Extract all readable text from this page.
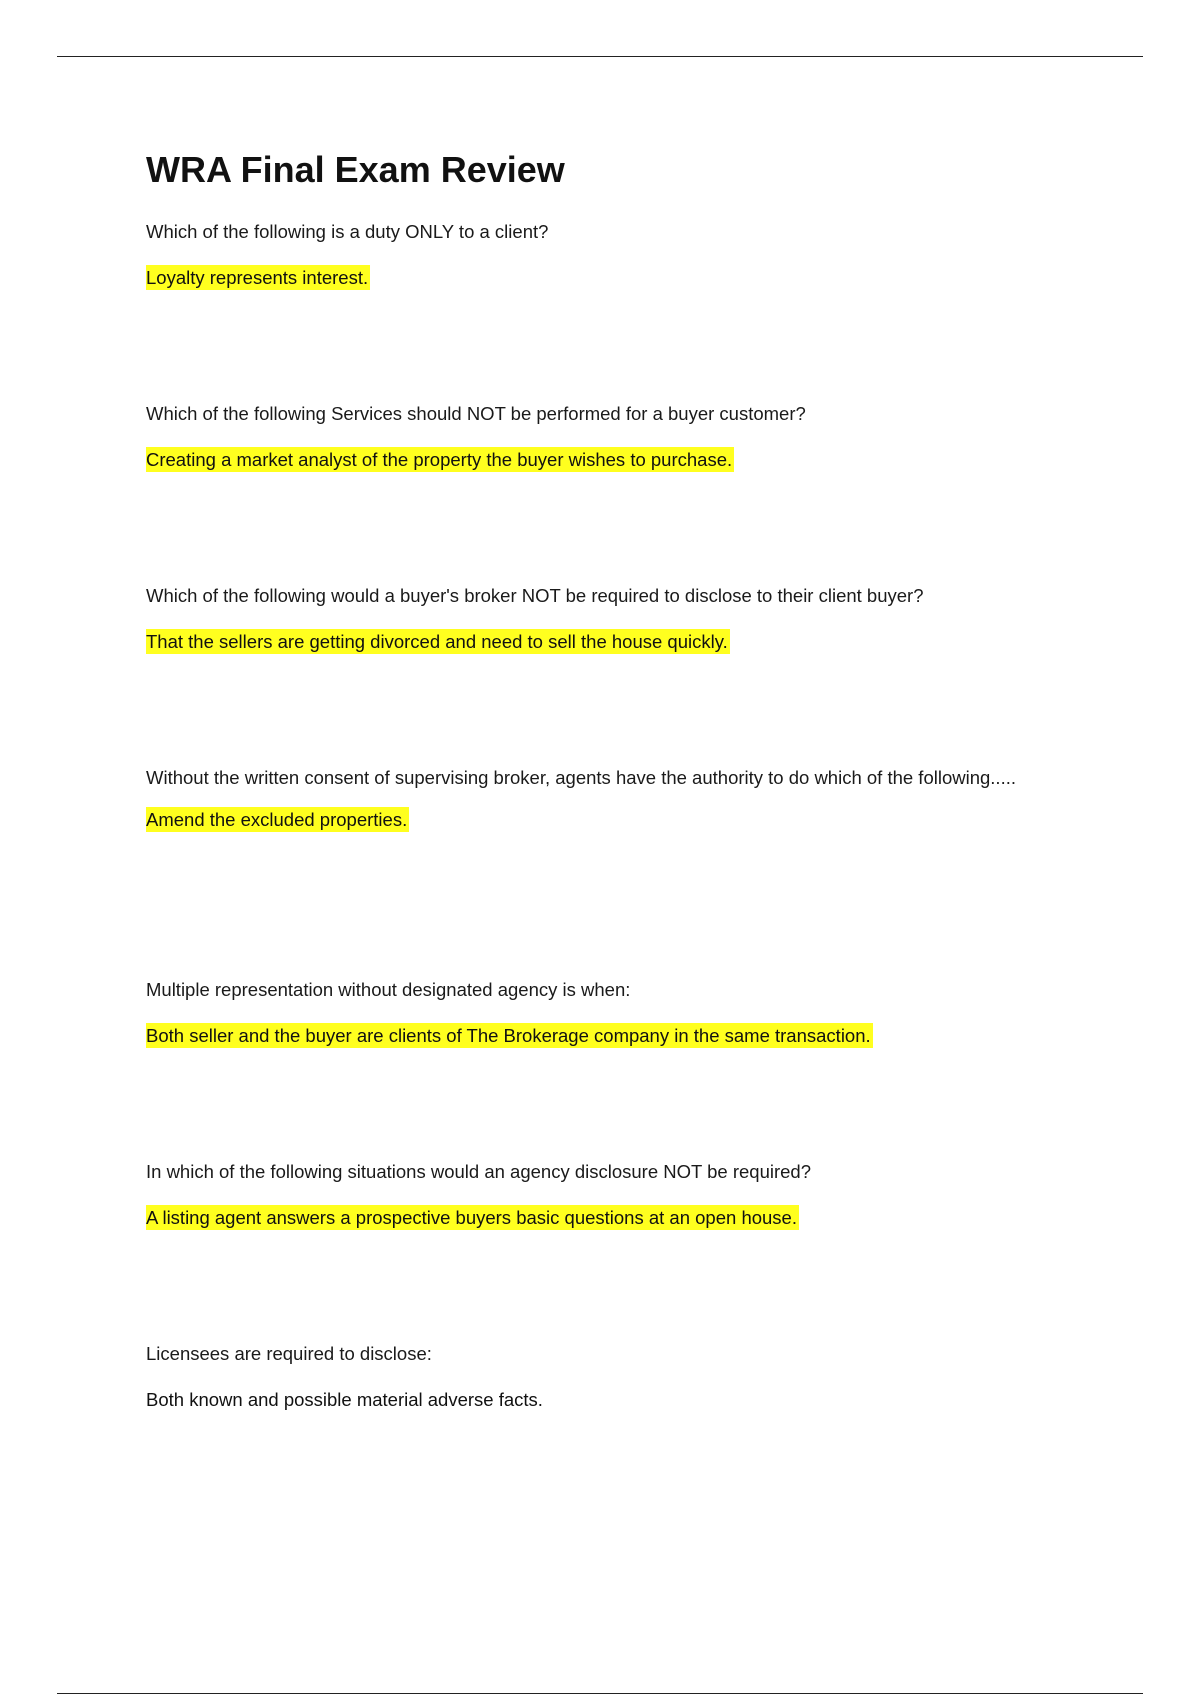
WRA Final Exam Review

Which of the following is a duty ONLY to a client?

Loyalty represents interest.

Which of the following Services should NOT be performed for a buyer customer?

Creating a market analyst of the property the buyer wishes to purchase.

Which of the following would a buyer's broker NOT be required to disclose to their client buyer?

That the sellers are getting divorced and need to sell the house quickly.

Without the written consent of supervising broker, agents have the authority to do which of the following.....

Amend the excluded properties.

Multiple representation without designated agency is when:

Both seller and the buyer are clients of The Brokerage company in the same transaction.

In which of the following situations would an agency disclosure NOT be required?

A listing agent answers a prospective buyers basic questions at an open house.

Licensees are required to disclose:

Both known and possible material adverse facts.
